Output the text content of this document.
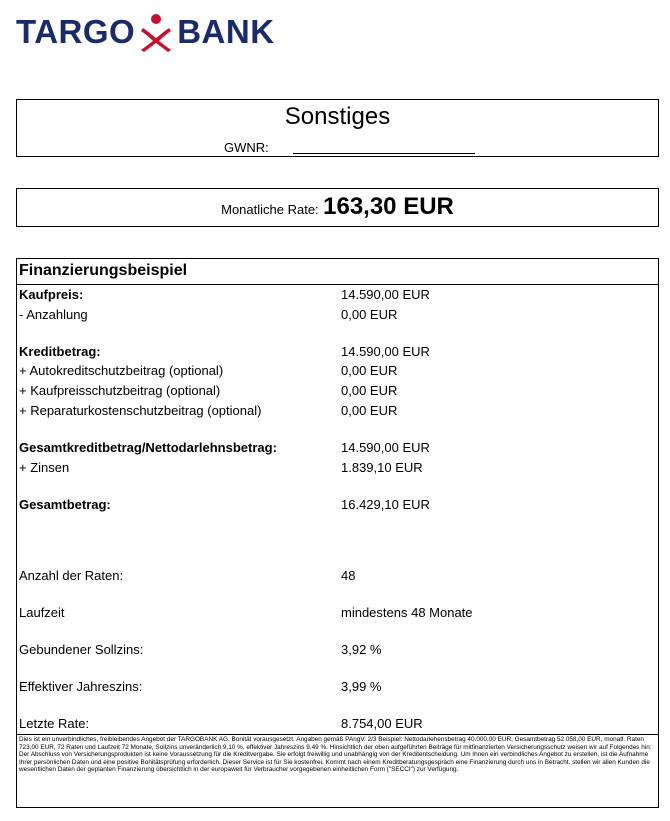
TARGO BANK
Sonstiges
GWNR:
Monatliche Rate: 163,30 EUR
Finanzierungsbeispiel
Kaufpreis:	14.590,00 EUR
- Anzahlung	0,00 EUR
Kreditbetrag:	14.590,00 EUR
+ Autokreditschutzbeitrag (optional)	0,00 EUR
+ Kaufpreisschutzbeitrag (optional)	0,00 EUR
+ Reparaturkostenschutzbeitrag (optional)	0,00 EUR
Gesamtkreditbetrag/Nettodarlehnsbetrag:	14.590,00 EUR
+ Zinsen	1.839,10 EUR
Gesamtbetrag:	16.429,10 EUR
Anzahl der Raten:	48
Laufzeit	mindestens 48 Monate
Gebundener Sollzins:	3,92 %
Effektiver Jahreszins:	3,99 %
Letzte Rate:	8.754,00 EUR
Dies ist ein unverbindliches, freibleibendes Angebot der TARGOBANK AG. Bonität vorausgesetzt. Angaben gemäß PAngV. 2/3 Beispiel: Nettodarlehensbetrag 40.000,00 EUR, Gesamtbetrag 52.058,00 EUR, monatl. Raten 723,00 EUR, 72 Raten und Laufzeit 72 Monate, Sollzins unveränderlich 9,10 %, effektiver Jahreszins 9,49 %. Hinsichtlich der oben aufgeführten Beiträge für mitfinanzierten Versicherungsschutz weisen wir auf Folgendes hin: Der Abschluss von Versicherungsprodukten ist keine Voraussetzung für die Kreditvergabe. Sie erfolgt freiwillig und unabhängig von der Kreditentscheidung. Um Ihnen ein verbindliches Angebot zu erstellen, ist die Aufnahme Ihrer persönlichen Daten und eine positive Bonitätsprüfung erforderlich. Dieser Service ist für Sie kostenfrei. Kommt nach einem Kreditberatungsgespräch eine Finanzierung durch uns in Betracht, stellen wir allen Kunden die wesentlichen Daten der geplanten Finanzierung übersichtlich in der europaweit für Verbraucher vorgegebenen einheitlichen Form ("SECCI") zur Verfügung.
